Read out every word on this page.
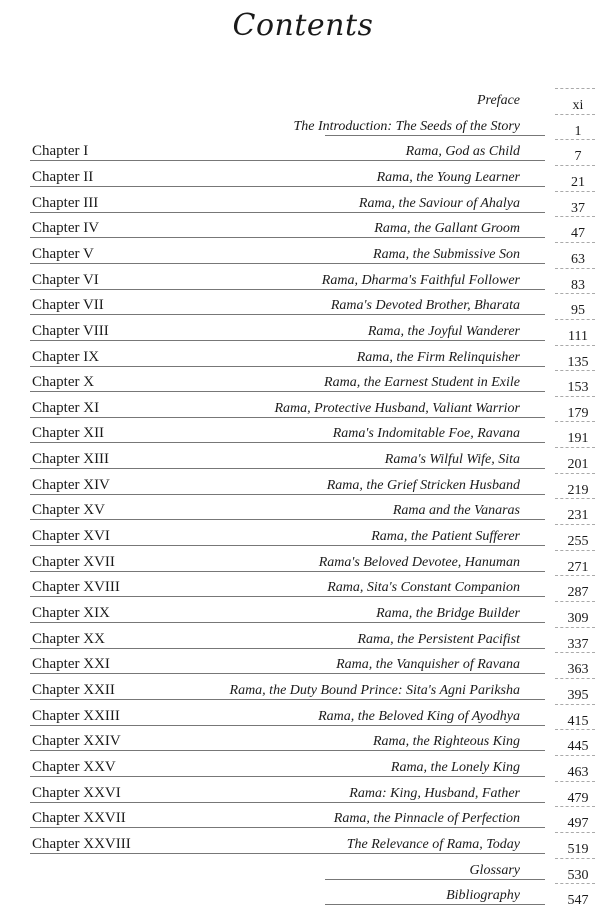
Contents
Preface	xi
The Introduction: The Seeds of the Story	1
Chapter I	Rama, God as Child	7
Chapter II	Rama, the Young Learner	21
Chapter III	Rama, the Saviour of Ahalya	37
Chapter IV	Rama, the Gallant Groom	47
Chapter V	Rama, the Submissive Son	63
Chapter VI	Rama, Dharma's Faithful Follower	83
Chapter VII	Rama's Devoted Brother, Bharata	95
Chapter VIII	Rama, the Joyful Wanderer	111
Chapter IX	Rama, the Firm Relinquisher	135
Chapter X	Rama, the Earnest Student in Exile	153
Chapter XI	Rama, Protective Husband, Valiant Warrior	179
Chapter XII	Rama's Indomitable Foe, Ravana	191
Chapter XIII	Rama's Wilful Wife, Sita	201
Chapter XIV	Rama, the Grief Stricken Husband	219
Chapter XV	Rama and the Vanaras	231
Chapter XVI	Rama, the Patient Sufferer	255
Chapter XVII	Rama's Beloved Devotee, Hanuman	271
Chapter XVIII	Rama, Sita's Constant Companion	287
Chapter XIX	Rama, the Bridge Builder	309
Chapter XX	Rama, the Persistent Pacifist	337
Chapter XXI	Rama, the Vanquisher of Ravana	363
Chapter XXII	Rama, the Duty Bound Prince: Sita's Agni Pariksha	395
Chapter XXIII	Rama, the Beloved King of Ayodhya	415
Chapter XXIV	Rama, the Righteous King	445
Chapter XXV	Rama, the Lonely King	463
Chapter XXVI	Rama: King, Husband, Father	479
Chapter XXVII	Rama, the Pinnacle of Perfection	497
Chapter XXVIII	The Relevance of Rama, Today	519
Glossary	530
Bibliography	547
